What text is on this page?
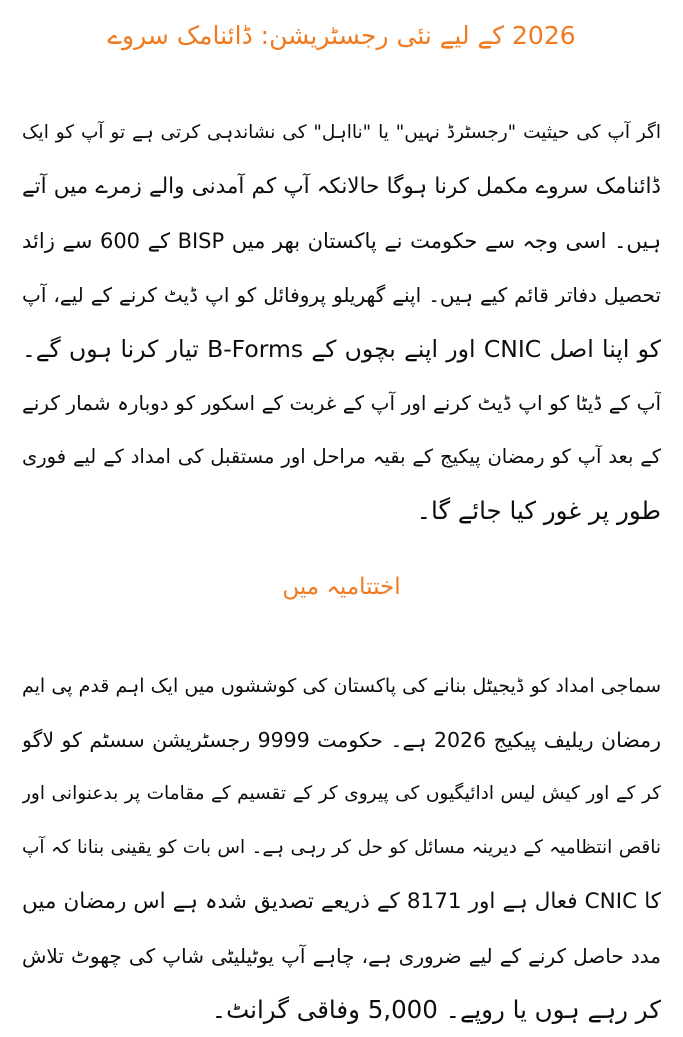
2026 کے لیے نئی رجسٹریشن: ڈائنامک سروے
اگر آپ کی حیثیت "رجسٹرڈ نہیں" یا "نااہل" کی نشاندہی کرتی ہے تو آپ کو ایک
ڈائنامک سروے مکمل کرنا ہوگا حالانکہ آپ کم آمدنی والے زمرے میں آتے
ہیں۔ اسی وجہ سے حکومت نے پاکستان بھر میں BISP کے 600 سے زائد
تحصیل دفاتر قائم کیے ہیں۔ اپنے گھریلو پروفائل کو اپ ڈیٹ کرنے کے لیے، آپ
کو اپنا اصل CNIC اور اپنے بچوں کے B-Forms تیار کرنا ہوں گے۔
آپ کے ڈیٹا کو اپ ڈیٹ کرنے اور آپ کے غربت کے اسکور کو دوبارہ شمار کرنے
کے بعد آپ کو رمضان پیکیج کے بقیہ مراحل اور مستقبل کی امداد کے لیے فوری
طور پر غور کیا جائے گا۔
اختتامیہ میں
سماجی امداد کو ڈیجیٹل بنانے کی پاکستان کی کوششوں میں ایک اہم قدم پی ایم
رمضان ریلیف پیکیج 2026 ہے۔ حکومت 9999 رجسٹریشن سسٹم کو لاگو
کر کے اور کیش لیس ادائیگیوں کی پیروی کر کے تقسیم کے مقامات پر بدعنوانی اور
ناقص انتظامیہ کے دیرینہ مسائل کو حل کر رہی ہے۔ اس بات کو یقینی بنانا کہ آپ
کا CNIC فعال ہے اور 8171 کے ذریعے تصدیق شدہ ہے اس رمضان میں
مدد حاصل کرنے کے لیے ضروری ہے، چاہے آپ یوٹیلیٹی شاپ کی چھوٹ تلاش
کر رہے ہوں یا روپے۔ 5,000 وفاقی گرانٹ۔
